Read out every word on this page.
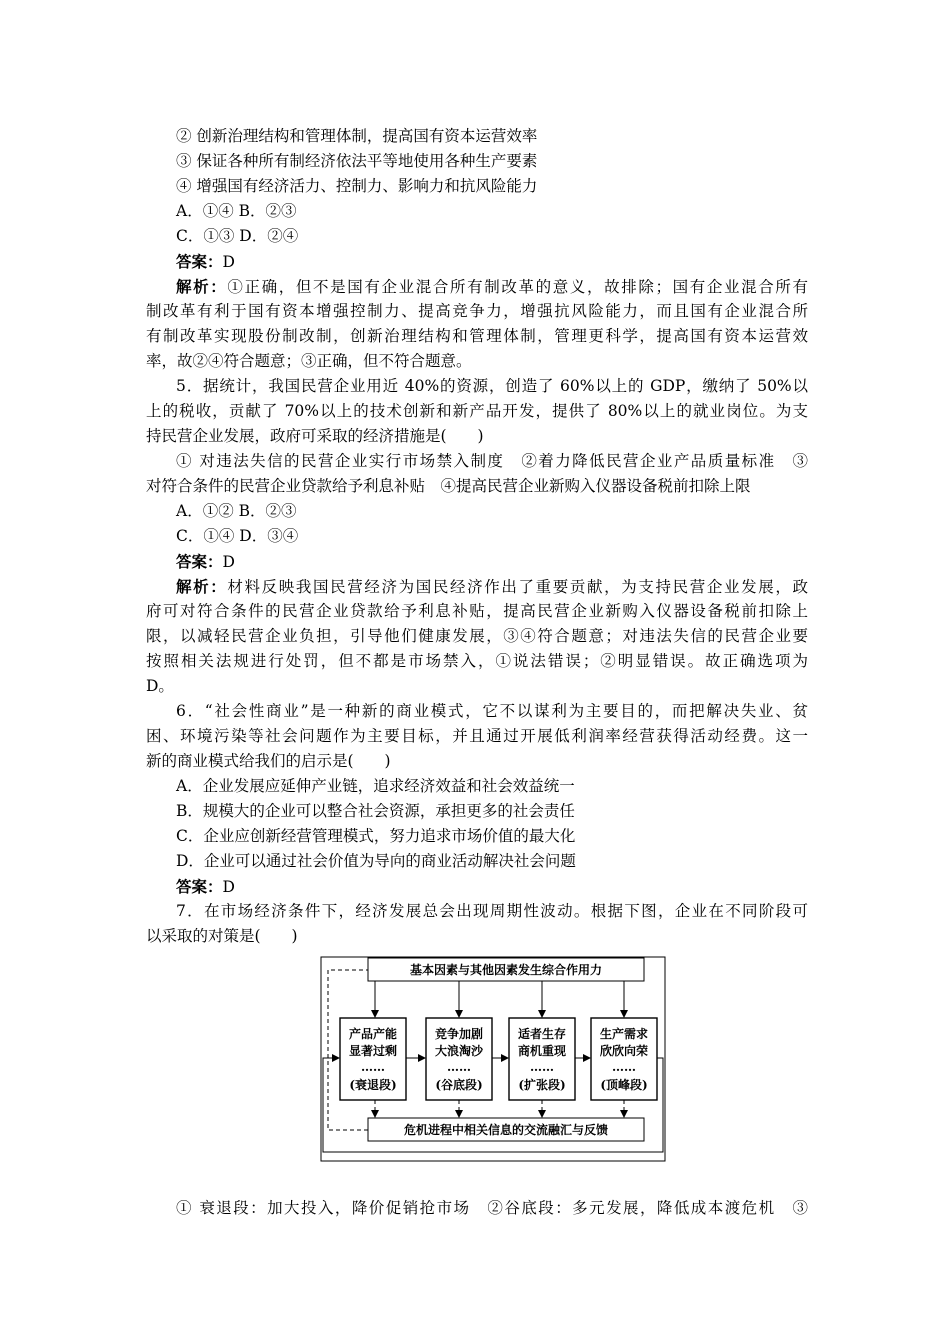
② 创新治理结构和管理体制，提高国有资本运营效率
③ 保证各种所有制经济依法平等地使用各种生产要素
④ 增强国有经济活力、控制力、影响力和抗风险能力
A．①④ B．②③
C．①③ D．②④
答案：D
解析：①正确，但不是国有企业混合所有制改革的意义，故排除；国有企业混合所有
制改革有利于国有资本增强控制力、提高竞争力，增强抗风险能力，而且国有企业混合所
有制改革实现股份制改制，创新治理结构和管理体制，管理更科学，提高国有资本运营效
率，故②④符合题意；③正确，但不符合题意。
5．据统计，我国民营企业用近 40%的资源，创造了 60%以上的 GDP，缴纳了 50%以
上的税收，贡献了 70%以上的技术创新和新产品开发，提供了 80%以上的就业岗位。为支
持民营企业发展，政府可采取的经济措施是(　　)
① 对违法失信的民营企业实行市场禁入制度　②着力降低民营企业产品质量标准　③
对符合条件的民营企业贷款给予利息补贴　④提高民营企业新购入仪器设备税前扣除上限
A．①② B．②③
C．①④ D．③④
答案：D
解析：材料反映我国民营经济为国民经济作出了重要贡献，为支持民营企业发展，政
府可对符合条件的民营企业贷款给予利息补贴，提高民营企业新购入仪器设备税前扣除上
限，以减轻民营企业负担，引导他们健康发展，③④符合题意；对违法失信的民营企业要
按照相关法规进行处罚，但不都是市场禁入，①说法错误；②明显错误。故正确选项为
D。
6．“社会性商业”是一种新的商业模式，它不以谋利为主要目的，而把解决失业、贫
困、环境污染等社会问题作为主要目标，并且通过开展低利润率经营获得活动经费。这一
新的商业模式给我们的启示是(　　)
A．企业发展应延伸产业链，追求经济效益和社会效益统一
B．规模大的企业可以整合社会资源，承担更多的社会责任
C．企业应创新经营管理模式，努力追求市场价值的最大化
D．企业可以通过社会价值为导向的商业活动解决社会问题
答案：D
7．在市场经济条件下，经济发展总会出现周期性波动。根据下图，企业在不同阶段可
以采取的对策是(　　)
基本因素与其他因素发生综合作用力
危机进程中相关信息的交流融汇与反馈
产品产能
显著过剩
……
(衰退段)
竞争加剧
大浪淘沙
……
(谷底段)
适者生存
商机重现
……
(扩张段)
生产需求
欣欣向荣
……
(顶峰段)
① 衰退段：加大投入，降价促销抢市场　②谷底段：多元发展，降低成本渡危机　③
